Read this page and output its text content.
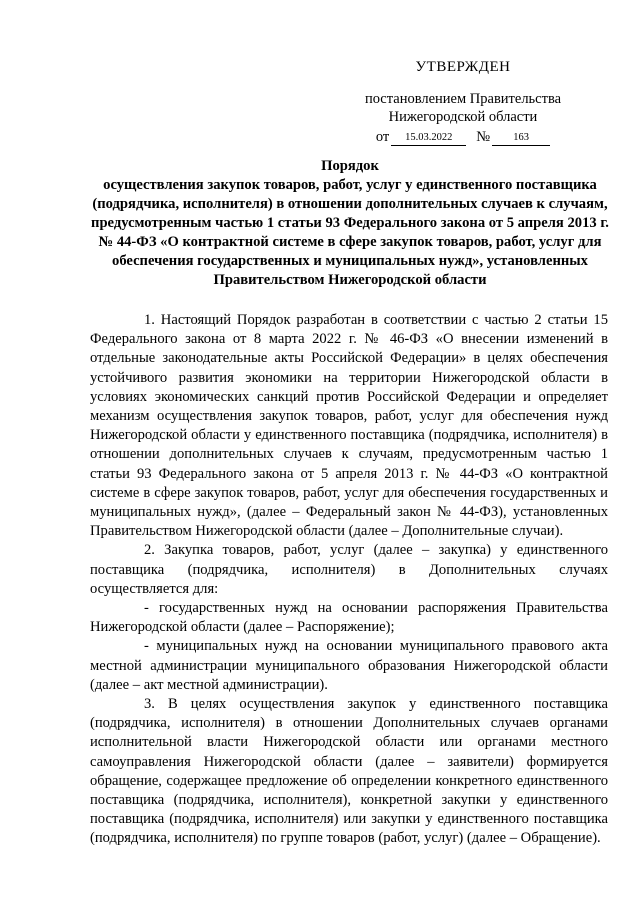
УТВЕРЖДЕН
постановлением Правительства
Нижегородской области
от	15.03.2022	№	163
Порядок
осуществления закупок товаров, работ, услуг у единственного поставщика (подрядчика, исполнителя) в отношении дополнительных случаев к случаям, предусмотренным частью 1 статьи 93 Федерального закона от 5 апреля 2013 г. № 44-ФЗ «О контрактной системе в сфере закупок товаров, работ, услуг для обеспечения государственных и муниципальных нужд», установленных Правительством Нижегородской области

1. Настоящий Порядок разработан в соответствии с частью 2 статьи 15 Федерального закона от 8 марта 2022 г. № 46-ФЗ «О внесении изменений в отдельные законодательные акты Российской Федерации» в целях обеспечения устойчивого развития экономики на территории Нижегородской области в условиях экономических санкций против Российской Федерации и определяет механизм осуществления закупок товаров, работ, услуг для обеспечения нужд Нижегородской области у единственного поставщика (подрядчика, исполнителя) в отношении дополнительных случаев к случаям, предусмотренным частью 1 статьи 93 Федерального закона от 5 апреля 2013 г. № 44-ФЗ «О контрактной системе в сфере закупок товаров, работ, услуг для обеспечения государственных и муниципальных нужд», (далее – Федеральный закон № 44-ФЗ), установленных Правительством Нижегородской области (далее – Дополнительные случаи).

2. Закупка товаров, работ, услуг (далее – закупка) у единственного поставщика (подрядчика, исполнителя) в Дополнительных случаях осуществляется для:

- государственных нужд на основании распоряжения Правительства Нижегородской области (далее – Распоряжение);

- муниципальных нужд на основании муниципального правового акта местной администрации муниципального образования Нижегородской области (далее – акт местной администрации).

3. В целях осуществления закупок у единственного поставщика (подрядчика, исполнителя) в отношении Дополнительных случаев органами исполнительной власти Нижегородской области или органами местного самоуправления Нижегородской области (далее – заявители) формируется обращение, содержащее предложение об определении конкретного единственного поставщика (подрядчика, исполнителя), конкретной закупки у единственного поставщика (подрядчика, исполнителя) или закупки у единственного поставщика (подрядчика, исполнителя) по группе товаров (работ, услуг) (далее – Обращение).
